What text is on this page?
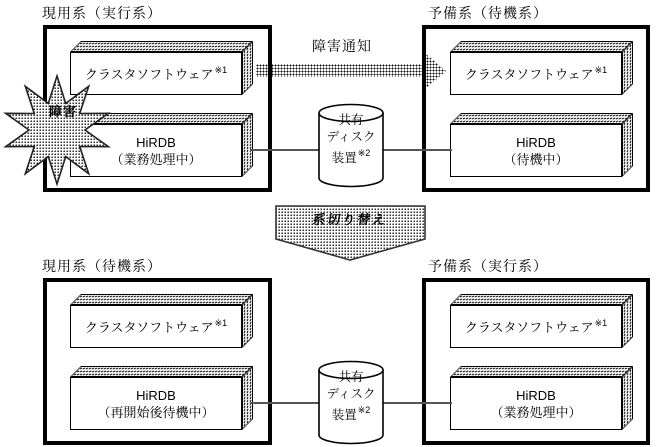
現用系（実行系）
クラスタソフトウェア$^{※1}$
HiRDB
（業務処理中）
予備系（待機系）
クラスタソフトウェア$^{※1}$
HiRDB
（待機中）
共有
ディスク
装置$^{※2}$
障害通知
障害
系切り替え
現用系（待機系）
クラスタソフトウェア$^{※1}$
HiRDB
（再開始後待機中）
予備系（実行系）
クラスタソフトウェア$^{※1}$
HiRDB
（業務処理中）
共有
ディスク
装置$^{※2}$
